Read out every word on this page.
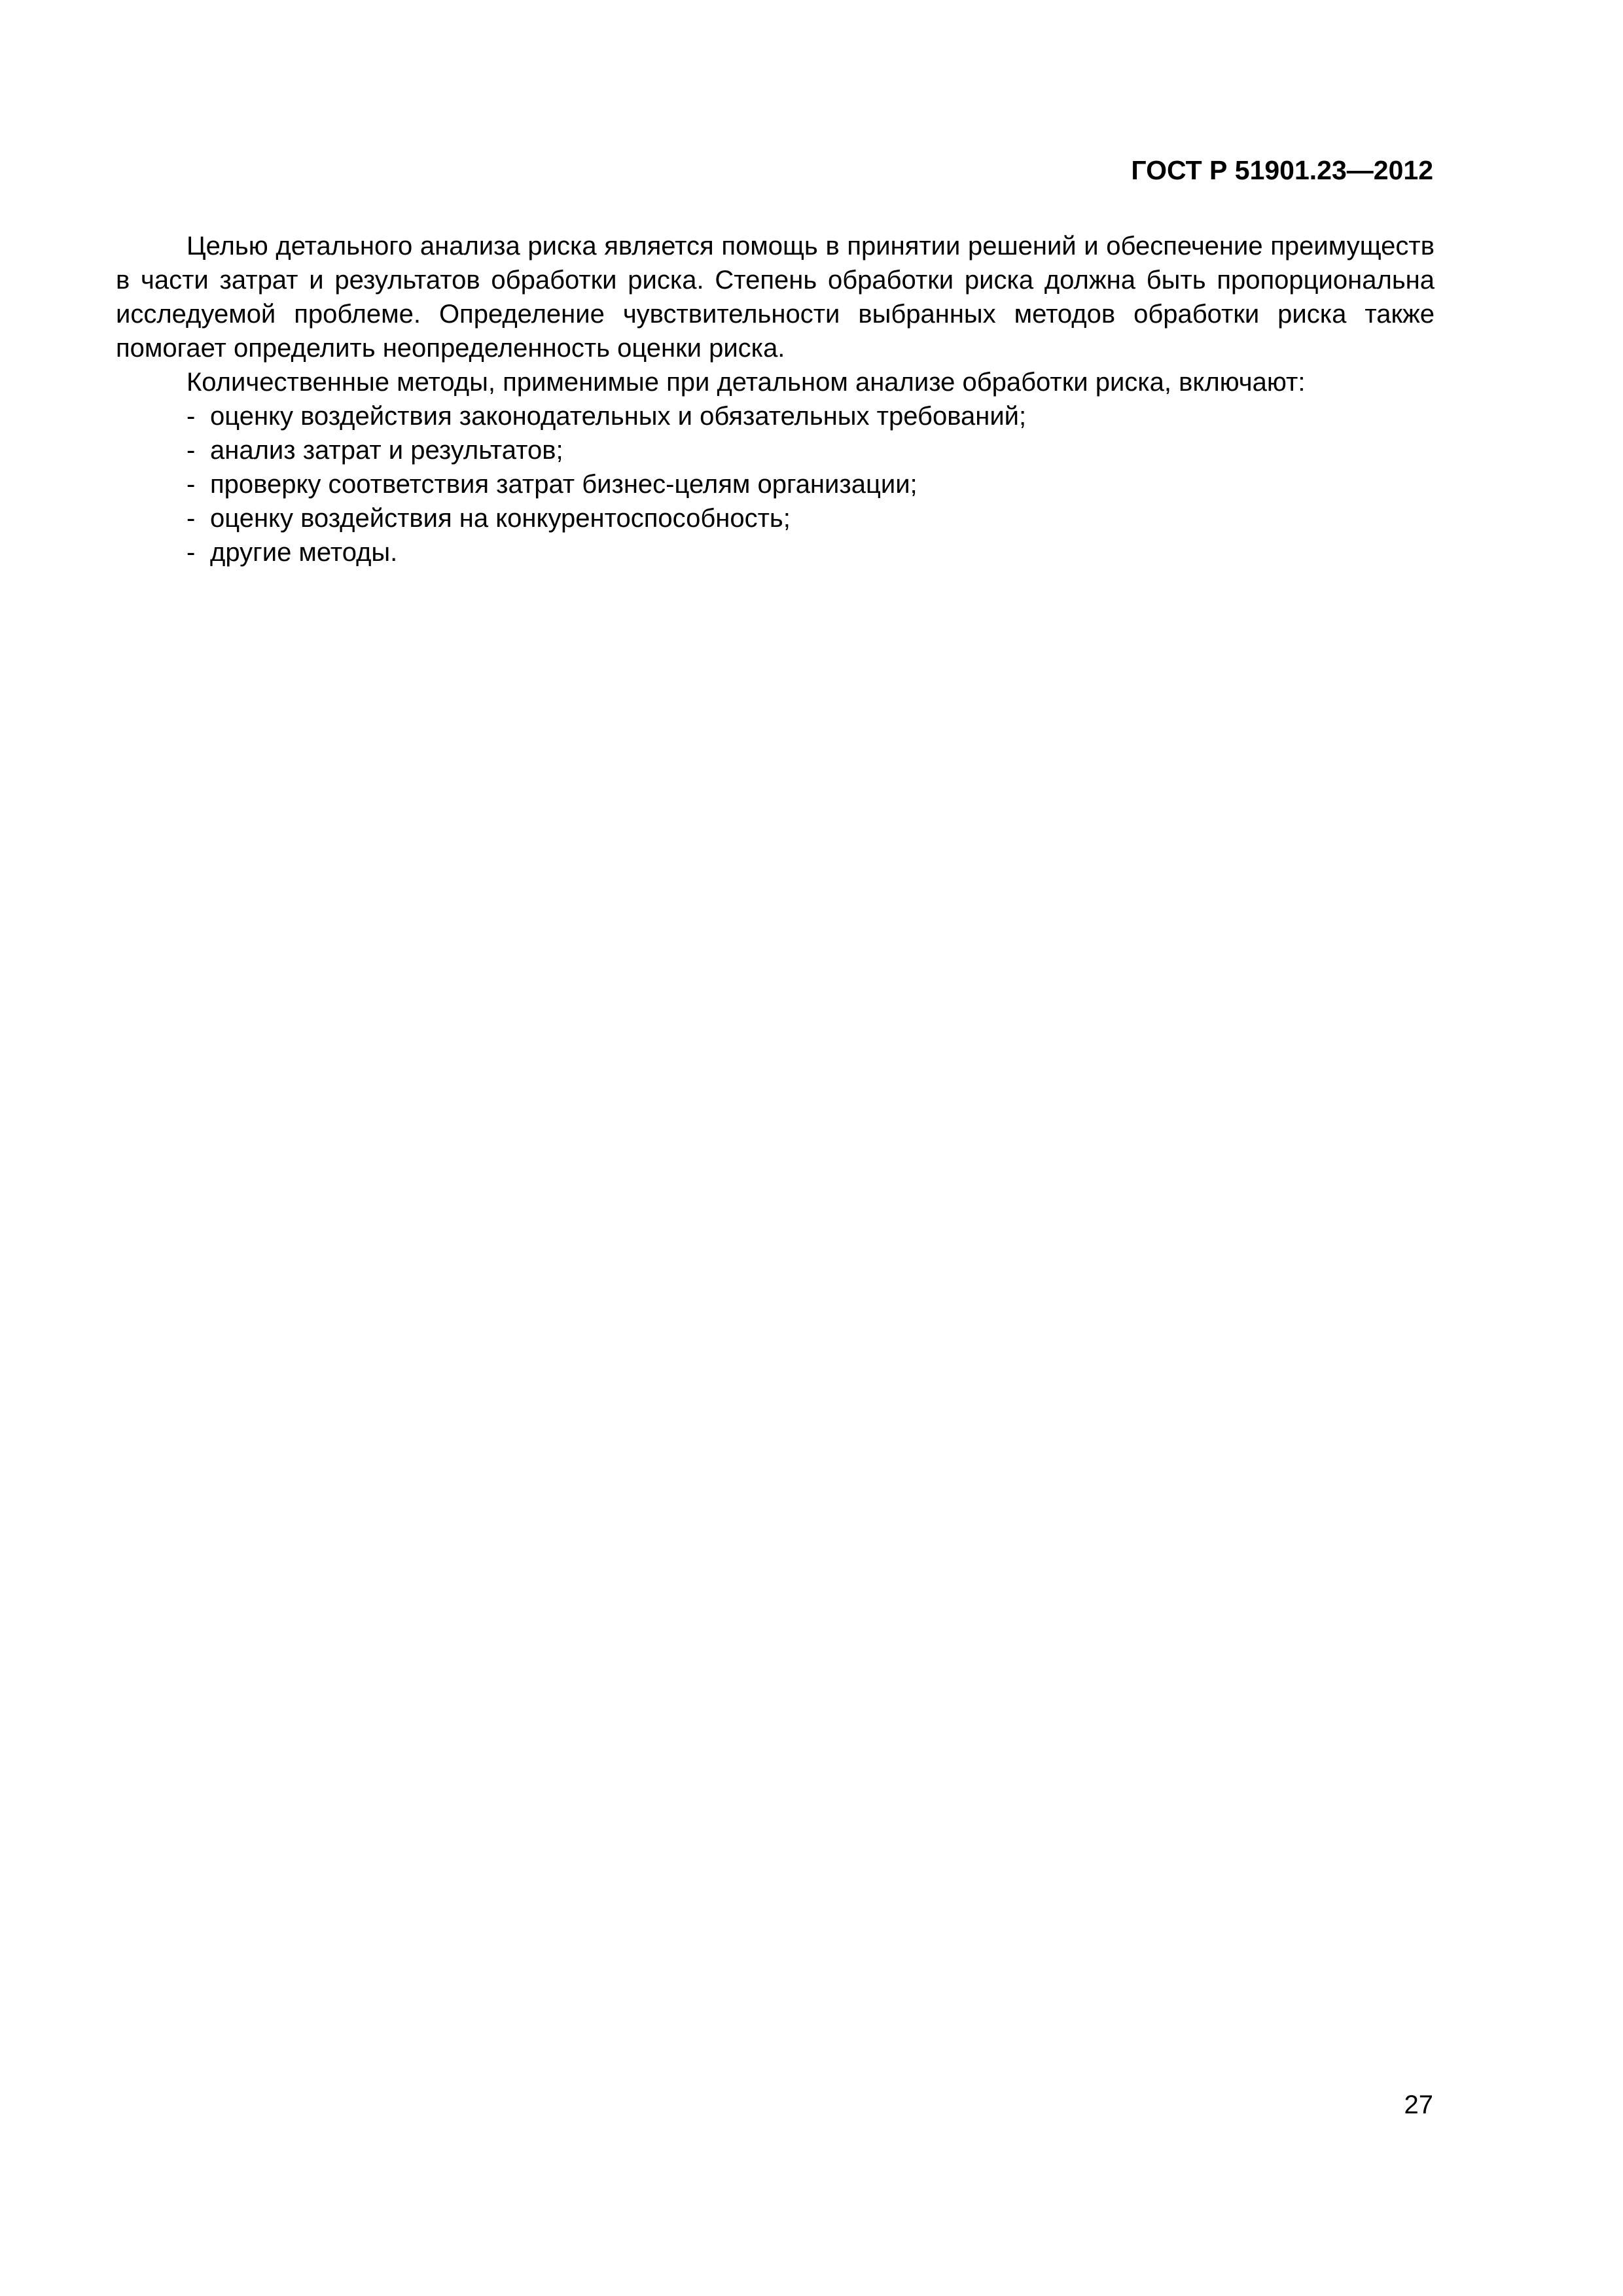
ГОСТ Р 51901.23—2012

Целью детального анализа риска является помощь в принятии решений и обеспечение преимуществ в части затрат и результатов обработки риска. Степень обработки риска должна быть пропорциональна исследуемой проблеме. Определение чувствительности выбранных методов обработки риска также помогает определить неопределенность оценки риска.

Количественные методы, применимые при детальном анализе обработки риска, включают:

- оценку воздействия законодательных и обязательных требований;
- анализ затрат и результатов;
- проверку соответствия затрат бизнес-целям организации;
- оценку воздействия на конкурентоспособность;
- другие методы.
27
